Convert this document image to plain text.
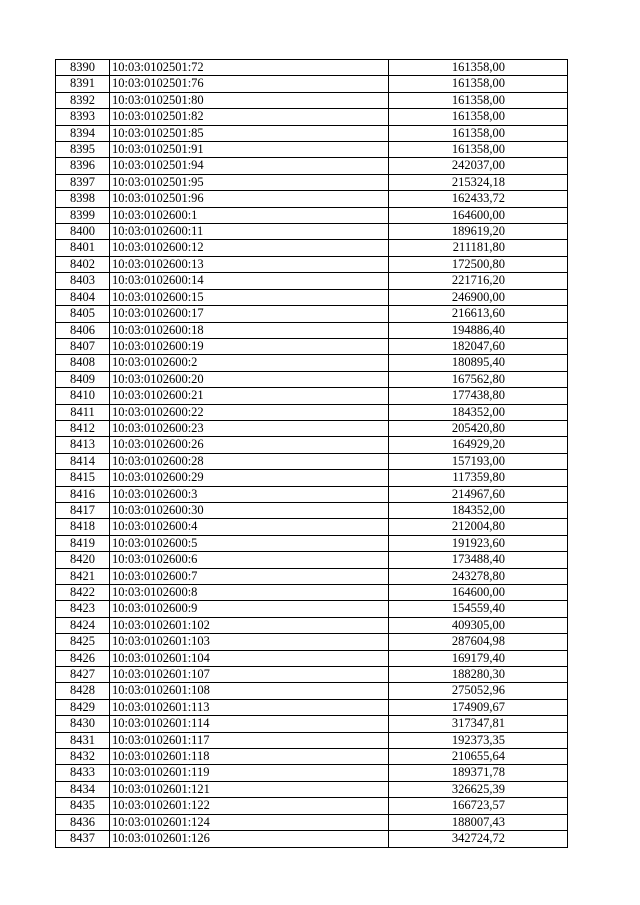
8390	10:03:0102501:72	161358,00
8391	10:03:0102501:76	161358,00
8392	10:03:0102501:80	161358,00
8393	10:03:0102501:82	161358,00
8394	10:03:0102501:85	161358,00
8395	10:03:0102501:91	161358,00
8396	10:03:0102501:94	242037,00
8397	10:03:0102501:95	215324,18
8398	10:03:0102501:96	162433,72
8399	10:03:0102600:1	164600,00
8400	10:03:0102600:11	189619,20
8401	10:03:0102600:12	211181,80
8402	10:03:0102600:13	172500,80
8403	10:03:0102600:14	221716,20
8404	10:03:0102600:15	246900,00
8405	10:03:0102600:17	216613,60
8406	10:03:0102600:18	194886,40
8407	10:03:0102600:19	182047,60
8408	10:03:0102600:2	180895,40
8409	10:03:0102600:20	167562,80
8410	10:03:0102600:21	177438,80
8411	10:03:0102600:22	184352,00
8412	10:03:0102600:23	205420,80
8413	10:03:0102600:26	164929,20
8414	10:03:0102600:28	157193,00
8415	10:03:0102600:29	117359,80
8416	10:03:0102600:3	214967,60
8417	10:03:0102600:30	184352,00
8418	10:03:0102600:4	212004,80
8419	10:03:0102600:5	191923,60
8420	10:03:0102600:6	173488,40
8421	10:03:0102600:7	243278,80
8422	10:03:0102600:8	164600,00
8423	10:03:0102600:9	154559,40
8424	10:03:0102601:102	409305,00
8425	10:03:0102601:103	287604,98
8426	10:03:0102601:104	169179,40
8427	10:03:0102601:107	188280,30
8428	10:03:0102601:108	275052,96
8429	10:03:0102601:113	174909,67
8430	10:03:0102601:114	317347,81
8431	10:03:0102601:117	192373,35
8432	10:03:0102601:118	210655,64
8433	10:03:0102601:119	189371,78
8434	10:03:0102601:121	326625,39
8435	10:03:0102601:122	166723,57
8436	10:03:0102601:124	188007,43
8437	10:03:0102601:126	342724,72
